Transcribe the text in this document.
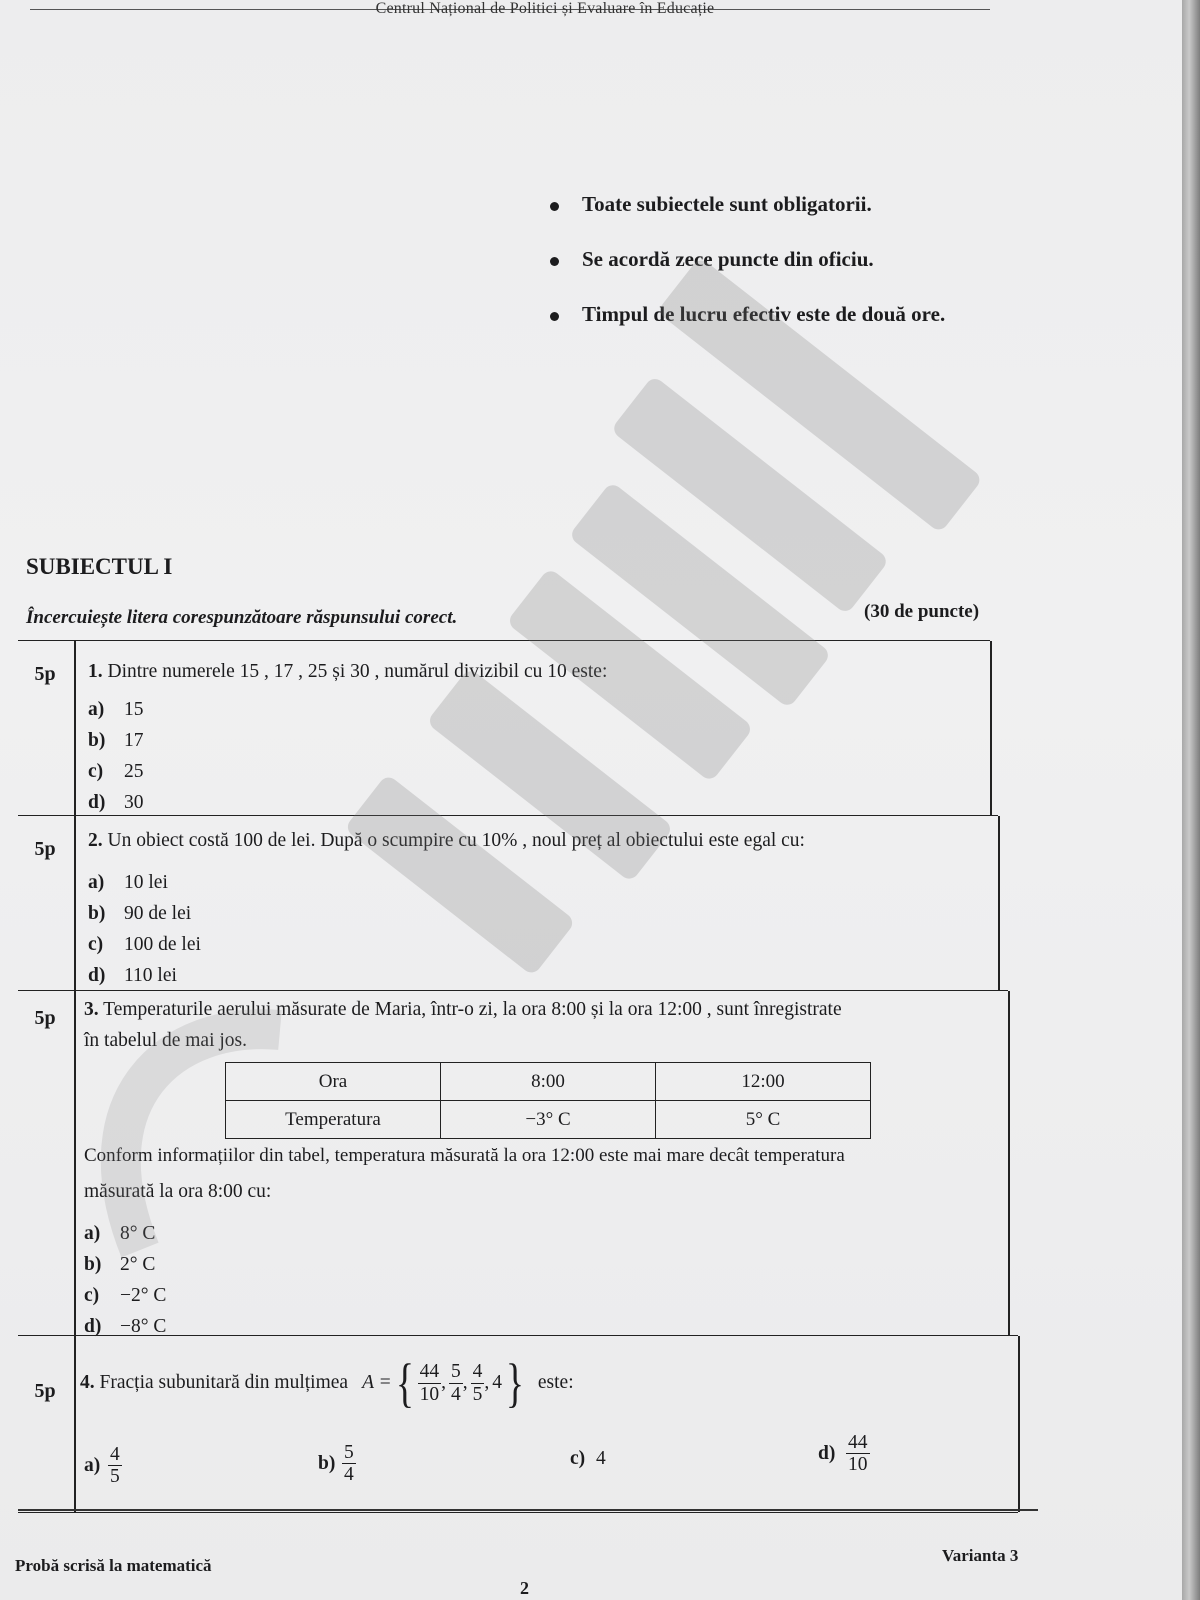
Centrul Național de Politici și Evaluare în Educație
Toate subiectele sunt obligatorii.
Se acordă zece puncte din oficiu.
Timpul de lucru efectiv este de două ore.
SUBIECTUL I
Încercuiește litera corespunzătoare răspunsului corect.	(30 de puncte)
5p	1. Dintre numerele 15 , 17 , 25 și 30 , numărul divizibil cu 10 este:
a) 15
b) 17
c) 25
d) 30
5p	2. Un obiect costă 100 de lei. După o scumpire cu 10% , noul preț al obiectului este egal cu:
a) 10 lei
b) 90 de lei
c) 100 de lei
d) 110 lei
5p	3. Temperaturile aerului măsurate de Maria, într-o zi, la ora 8:00 și la ora 12:00 , sunt înregistrate
în tabelul de mai jos.
Conform informațiilor din tabel, temperatura măsurată la ora 12:00 este mai mare decât temperatura
măsurată la ora 8:00 cu:
a) 8° C
b) 2° C
c) −2° C
d) −8° C
Ora	8:00	12:00
Temperatura	−3° C	5° C
5p	4.
Fracția subunitară din mulțimea A = { $\frac{44}{10}$ , $\frac{5}{4}$ , $\frac{4}{5}$ , 4 } este:
$a) \frac{4}{5}$	$b) \frac{5}{4}$	c) 4	$d) \frac{44}{10}$
Probă scrisă la matematică
Varianta 3
2
